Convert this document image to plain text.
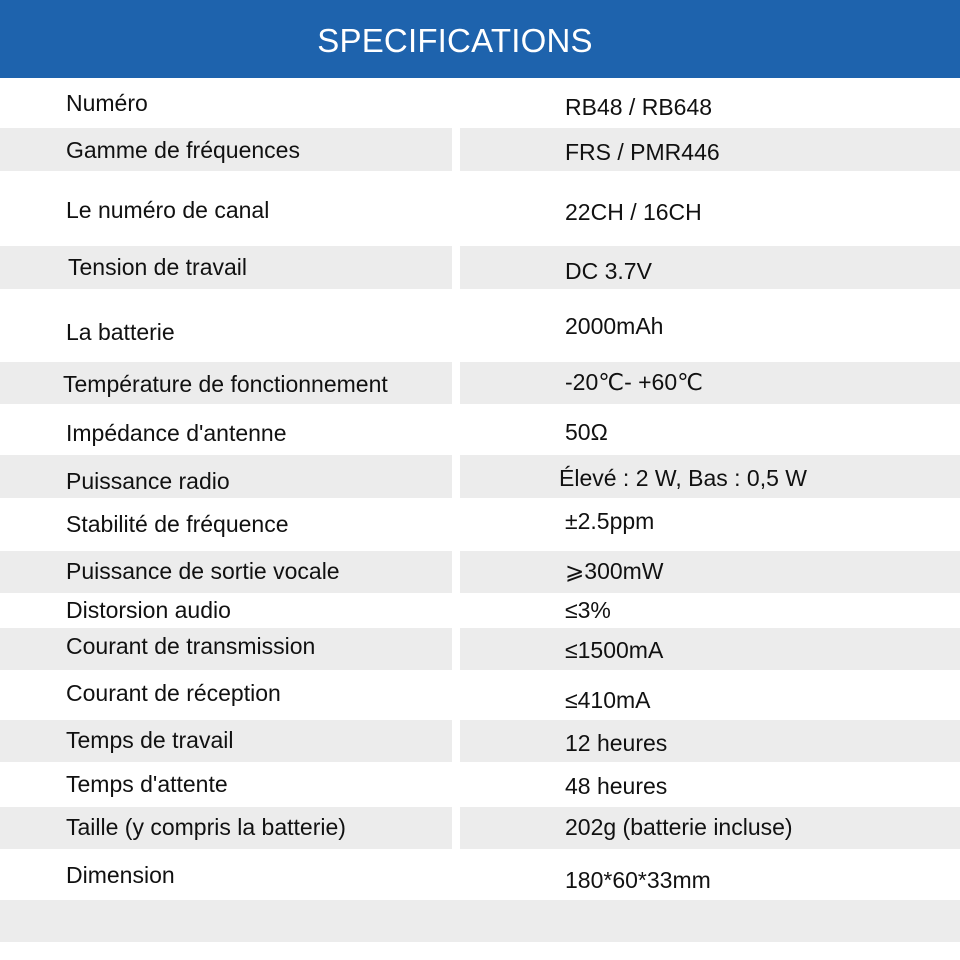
SPECIFICATIONS
Numéro	RB48 / RB648
Gamme de fréquences	FRS / PMR446
Le numéro de canal	22CH / 16CH
Tension de travail	DC 3.7V
La batterie	2000mAh
Température de fonctionnement	-20℃- +60℃
Impédance d'antenne	50Ω
Puissance radio	Élevé : 2 W, Bas : 0,5 W
Stabilité de fréquence	±2.5ppm
Puissance de sortie vocale	⩾300mW
Distorsion audio	≤3%
Courant de transmission	≤1500mA
Courant de réception	≤410mA
Temps de travail	12 heures
Temps d'attente	48 heures
Taille (y compris la batterie)	202g (batterie incluse)
Dimension	180*60*33mm
